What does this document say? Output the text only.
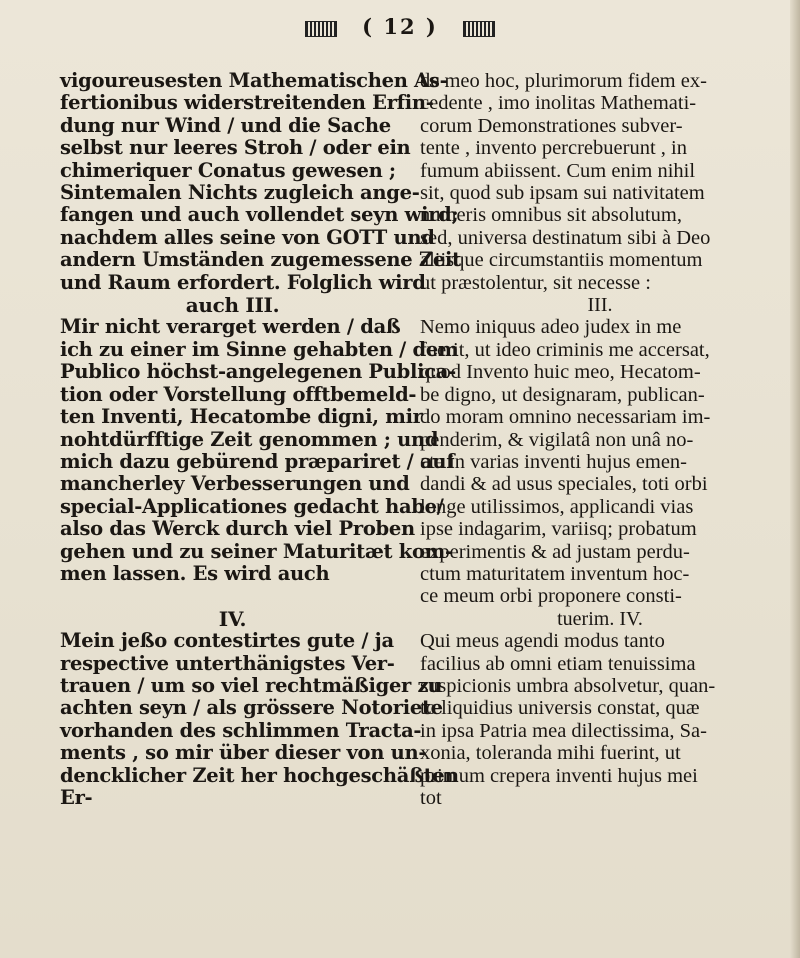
( 12 )
vigoureusesten Mathematischen As-
fertionibus widerstreitenden Erfin-
dung nur Wind / und die Sache
selbst nur leeres Stroh / oder ein
chimeriquer Conatus gewesen ;
Sintemalen Nichts zugleich ange-
fangen und auch vollendet seyn wird;
nachdem alles seine von GOTT und
andern Umständen zugemessene Zeit
und Raum erfordert. Folglich wird
auch III.
Mir nicht verarget werden / daß
ich zu einer im Sinne gehabten / dem
Publico höchst-angelegenen Publica-
tion oder Vorstellung offtbemeld-
ten Inventi, Hecatombe digni, mir
nohtdürfftige Zeit genommen ; und
mich dazu gebürend præpariret / auf
mancherley Verbesserungen und
special-Applicationes gedacht habe/
also das Werck durch viel Proben
gehen und zu seiner Maturitæt kom-
men lassen. Es wird auch

IV.
Mein jeßo contestirtes gute / ja
respective unterthänigstes Ver-
trauen / um so viel rechtmäßiger zu
achten seyn / als grössere Notoriete
vorhanden des schlimmen Tracta-
ments , so mir über dieser von un-
dencklicher Zeit her hochgeschäßten
Er-
de meo hoc, plurimorum fidem ex-
cedente , imo inolitas Mathemati-
corum Demonstrationes subver-
tente , invento percrebuerunt , in
fumum abiissent. Cum enim nihil
sit, quod sub ipsam sui nativitatem
numeris omnibus sit absolutum,
sed, universa destinatum sibi à Deo
aliisque circumstantiis momentum
ut præstolentur, sit necesse :
III.
Nemo iniquus adeo judex in me
fuerit, ut ideo criminis me accersat,
quod Invento huic meo, Hecatom-
be digno, ut designaram, publican-
do moram omnino necessariam im-
penderim, & vigilatâ non unâ no-
cte in varias inventi hujus emen-
dandi & ad usus speciales, toti orbi
longe utilissimos, applicandi vias
ipse indagarim, variisq; probatum
experimentis & ad justam perdu-
ctum maturitatem inventum hoc-
ce meum orbi proponere consti-
tuerim. IV.
Qui meus agendi modus tanto
facilius ab omni etiam tenuissima
suspicionis umbra absolvetur, quan-
to liquidius universis constat, quæ
in ipsa Patria mea dilectissima, Sa-
xonia, toleranda mihi fuerint, ut
primum crepera inventi hujus mei
tot
